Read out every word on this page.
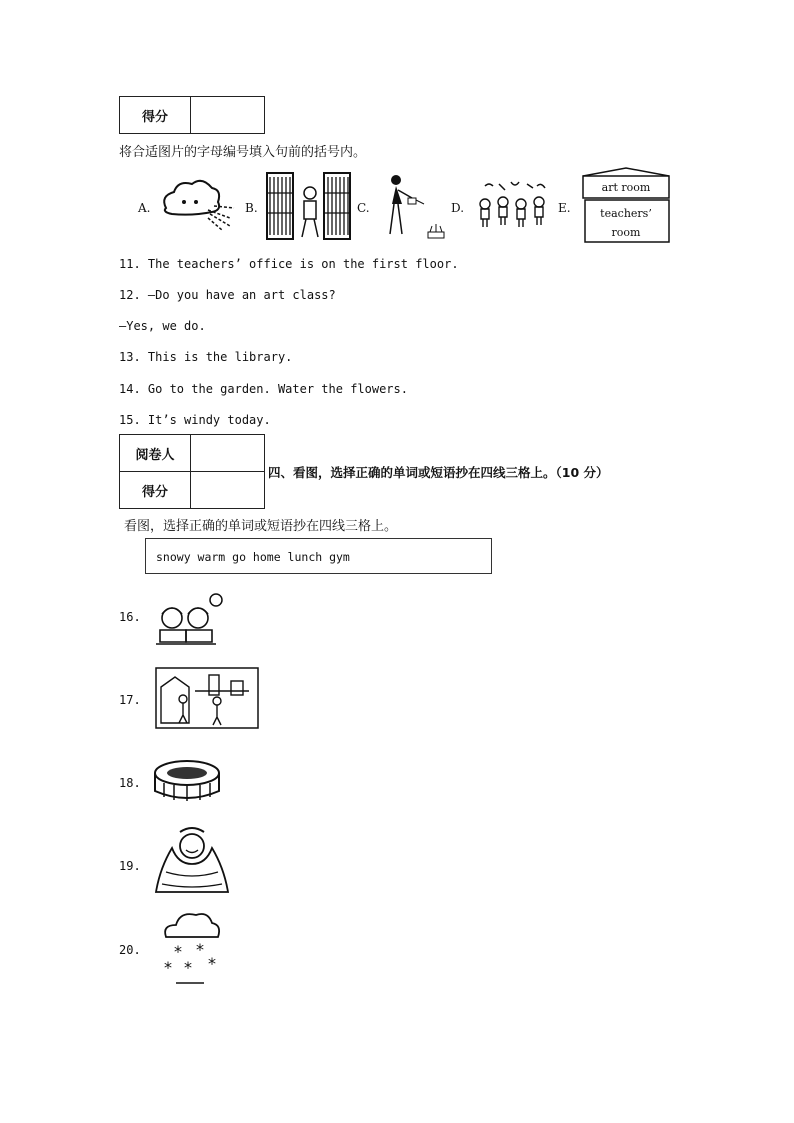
得分	
将合适图片的字母编号填入句前的括号内。
A.	B.	C.	D.	E.
art room
teachers’
room
11. The teachers’ office is on the first floor.
12. —Do you have an art class?
—Yes, we do.
13. This is the library.
14. Go to the garden. Water the flowers.
15. It’s windy today.
阅卷人	
得分	
四、看图，选择正确的单词或短语抄在四线三格上。（10 分）
看图，选择正确的单词或短语抄在四线三格上。
snowy warm go home lunch gym
16.
17.
18.
19.
20. * *
* * *
